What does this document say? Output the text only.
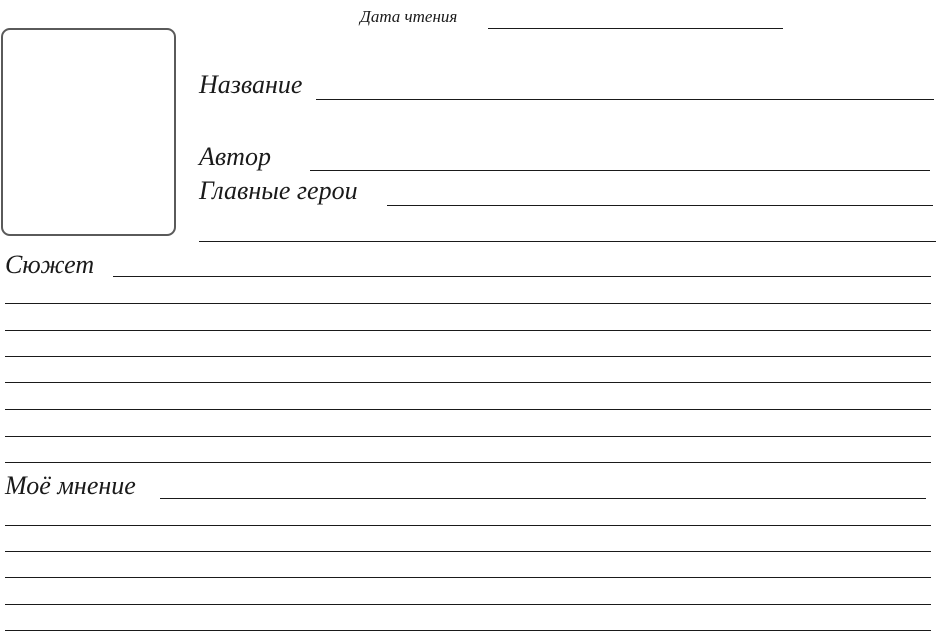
Дата чтения
Название
Автор
Главные герои
Сюжет
Моё мнение
